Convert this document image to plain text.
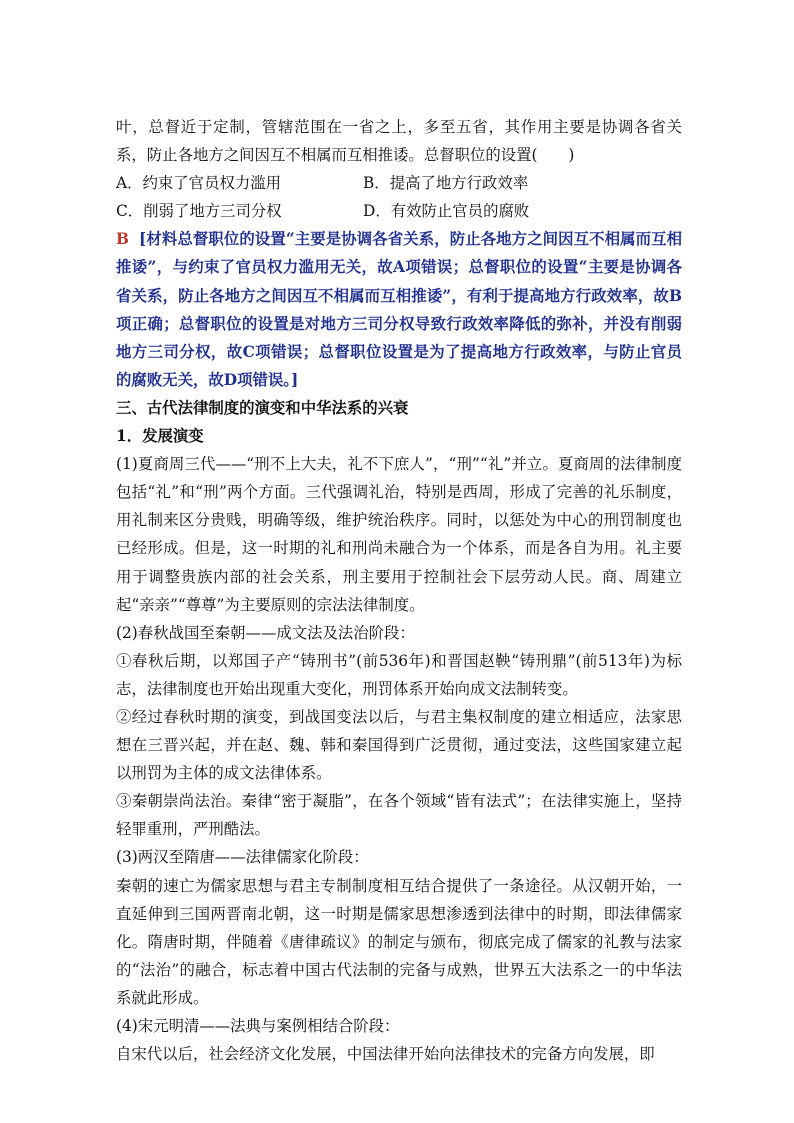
叶，总督近于定制，管辖范围在一省之上，多至五省，其作用主要是协调各省关系，防止各地方之间因互不相属而互相推诿。总督职位的设置(　　)

A．约束了官员权力滥用	B．提高了地方行政效率
C．削弱了地方三司分权	D．有效防止官员的腐败

B [材料总督职位的设置“主要是协调各省关系，防止各地方之间因互不相属而互相推诿”，与约束了官员权力滥用无关，故A项错误；总督职位的设置“主要是协调各省关系，防止各地方之间因互不相属而互相推诿”，有利于提高地方行政效率，故B项正确；总督职位的设置是对地方三司分权导致行政效率降低的弥补，并没有削弱地方三司分权，故C项错误；总督职位设置是为了提高地方行政效率，与防止官员的腐败无关，故D项错误。]

三、古代法律制度的演变和中华法系的兴衰

1．发展演变

(1)夏商周三代——“刑不上大夫，礼不下庶人”，“刑”“礼”并立。夏商周的法律制度包括“礼”和“刑”两个方面。三代强调礼治，特别是西周，形成了完善的礼乐制度，用礼制来区分贵贱，明确等级，维护统治秩序。同时，以惩处为中心的刑罚制度也已经形成。但是，这一时期的礼和刑尚未融合为一个体系，而是各自为用。礼主要用于调整贵族内部的社会关系，刑主要用于控制社会下层劳动人民。商、周建立起“亲亲”“尊尊”为主要原则的宗法法律制度。

(2)春秋战国至秦朝——成文法及法治阶段：

①春秋后期，以郑国子产“铸刑书”(前536年)和晋国赵鞅“铸刑鼎”(前513年)为标志，法律制度也开始出现重大变化，刑罚体系开始向成文法制转变。

②经过春秋时期的演变，到战国变法以后，与君主集权制度的建立相适应，法家思想在三晋兴起，并在赵、魏、韩和秦国得到广泛贯彻，通过变法，这些国家建立起以刑罚为主体的成文法律体系。

③秦朝崇尚法治。秦律“密于凝脂”，在各个领域“皆有法式”；在法律实施上，坚持轻罪重刑，严刑酷法。

(3)两汉至隋唐——法律儒家化阶段：

秦朝的速亡为儒家思想与君主专制制度相互结合提供了一条途径。从汉朝开始，一直延伸到三国两晋南北朝，这一时期是儒家思想渗透到法律中的时期，即法律儒家化。隋唐时期，伴随着《唐律疏议》的制定与颁布，彻底完成了儒家的礼教与法家的“法治”的融合，标志着中国古代法制的完备与成熟，世界五大法系之一的中华法系就此形成。

(4)宋元明清——法典与案例相结合阶段：

自宋代以后，社会经济文化发展，中国法律开始向法律技术的完备方向发展，即
